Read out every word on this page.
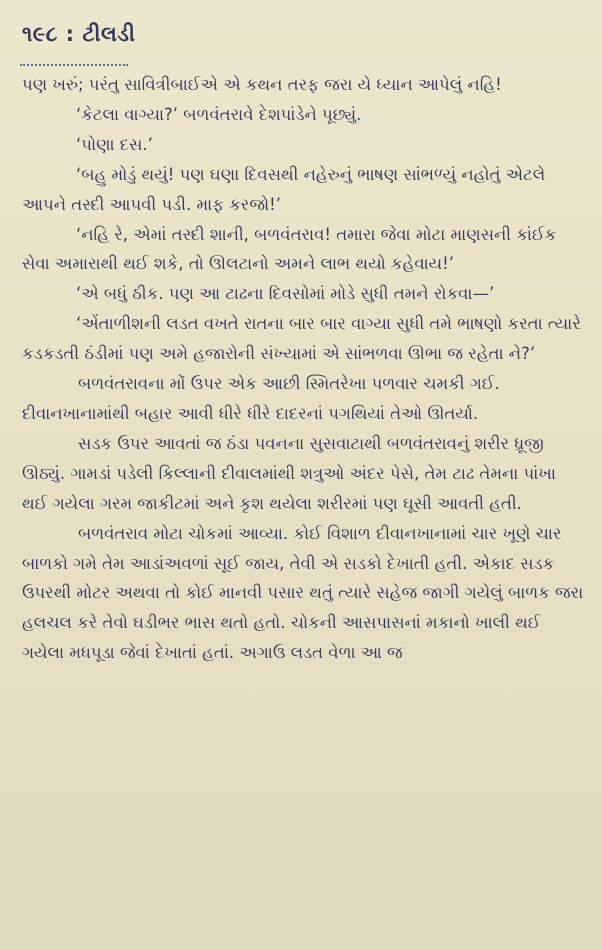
૧૯૮ : ટીલડી

પણ ખરું; પરંતુ સાવિત્રીબાઈએ એ કથન તરફ જરા યે ધ્યાન આપેલું નહિ!

‘કેટલા વાગ્યા?’ બળવંતરાવે દેશપાંડેને પૂછ્યું.

‘પોણા દસ.’

‘બહુ મોડું થયું! પણ ઘણા દિવસથી નહેરુનું ભાષણ સાંભળ્યું નહોતું એટલે આપને તસ્દી આપવી પડી. માફ કરજો!’

‘નહિ રે, એમાં તસ્દી શાની, બળવંતરાવ! તમારા જેવા મોટા માણસની કાંઈક સેવા અમારાથી થઈ શકે, તો ઊલટાનો અમને લાભ થયો કહેવાય!’

‘એ બધું ઠીક. પણ આ ટાઢના દિવસોમાં મોડે સુધી તમને રોકવા—’

‘એંતાળીશની લડત વખતે રાતના બાર બાર વાગ્યા સુધી તમે ભાષણો કરતા ત્યારે કડકડતી ઠંડીમાં પણ અમે હજારોની સંખ્યામાં એ સાંભળવા ઊભા જ રહેતા ને?’

બળવંતરાવના મોં ઉપર એક આછી સ્મિતરેખા પળવાર ચમકી ગઈ. દીવાનખાનામાંથી બહાર આવી ધીરે ધીરે દાદરનાં પગથિયાં તેઓ ઊતર્યા.

સડક ઉપર આવતાં જ ઠંડા પવનના સુસવાટાથી બળવંતરાવનું શરીર ધ્રૂજી ઊઠ્યું. ગામડાં પડેલી કિલ્લાની દીવાલમાંથી શત્રુઓ અંદર પેસે, તેમ ટાઢ તેમના પાંખા થઈ ગયેલા ગરમ જાકીટમાં અને કૃશ થયેલા શરીરમાં પણ ઘૂસી આવતી હતી.

બળવંતરાવ મોટા ચોકમાં આવ્યા. કોઈ વિશાળ દીવાનખાનામાં ચાર ખૂણે ચાર બાળકો ગમે તેમ આડાંઅવળાં સૂઈ જાય, તેવી એ સડકો દેખાતી હતી. એકાદ સડક ઉપરથી મોટર અથવા તો કોઈ માનવી પસાર થતું ત્યારે સહેજ જાગી ગયેલું બાળક જરા હલચલ કરે તેવો ઘડીભર ભાસ થતો હતો. ચોકની આસપાસનાં મકાનો ખાલી થઈ ગયેલા મધપૂડા જેવાં દેખાતાં હતાં. અગાઉ લડત વેળા આ જ
